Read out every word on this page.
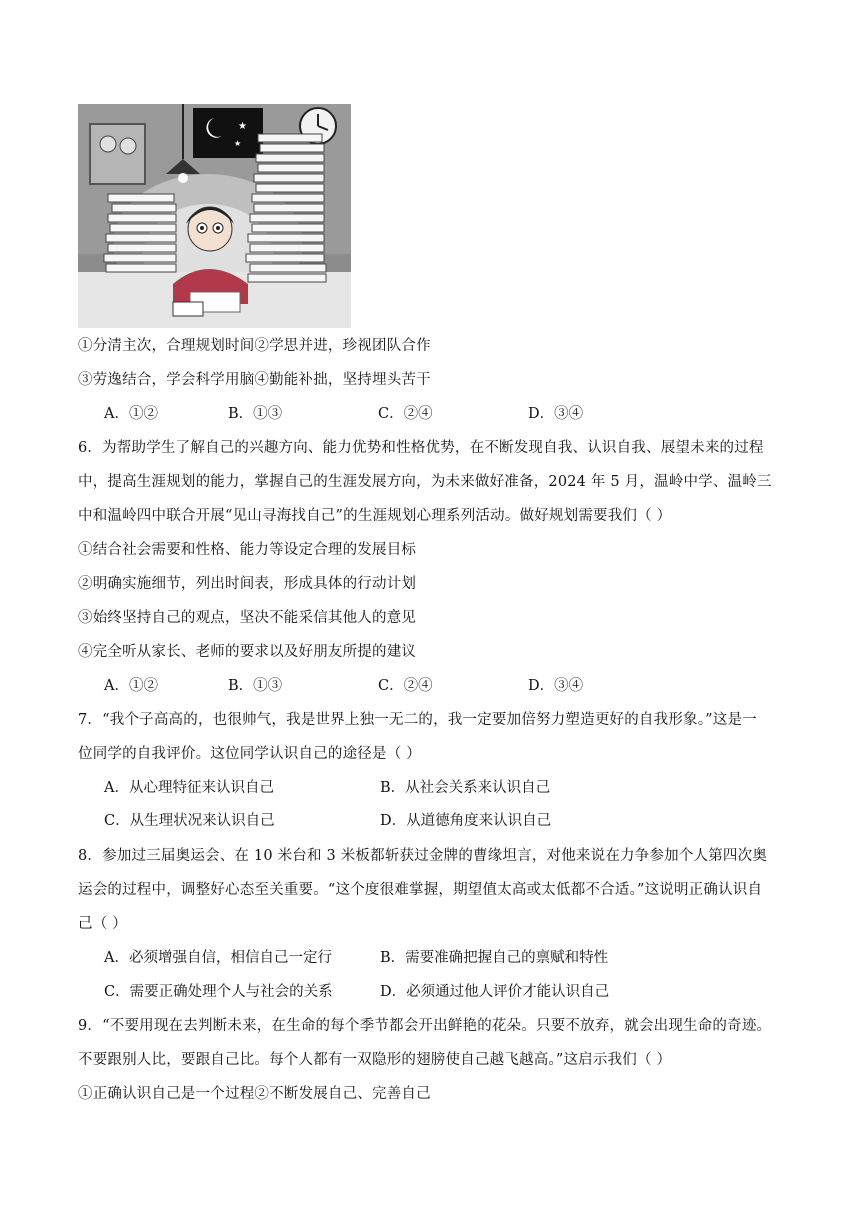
★
★
①分清主次，合理规划时间②学思并进，珍视团队合作
③劳逸结合，学会科学用脑④勤能补拙，坚持埋头苦干
A．①②	B．①③	C．②④	D．③④
6．为帮助学生了解自己的兴趣方向、能力优势和性格优势，在不断发现自我、认识自我、展望未来的过程
中，提高生涯规划的能力，掌握自己的生涯发展方向，为未来做好准备，2024 年 5 月，温岭中学、温岭三
中和温岭四中联合开展“见山寻海找自己”的生涯规划心理系列活动。做好规划需要我们（ ）
①结合社会需要和性格、能力等设定合理的发展目标
②明确实施细节，列出时间表，形成具体的行动计划
③始终坚持自己的观点，坚决不能采信其他人的意见
④完全听从家长、老师的要求以及好朋友所提的建议
A．①②	B．①③	C．②④	D．③④
7．“我个子高高的，也很帅气，我是世界上独一无二的，我一定要加倍努力塑造更好的自我形象。”这是一
位同学的自我评价。这位同学认识自己的途径是（ ）
A．从心理特征来认识自己	B．从社会关系来认识自己
C．从生理状况来认识自己	D．从道德角度来认识自己
8．参加过三届奥运会、在 10 米台和 3 米板都斩获过金牌的曹缘坦言，对他来说在力争参加个人第四次奥
运会的过程中，调整好心态至关重要。“这个度很难掌握，期望值太高或太低都不合适。”这说明正确认识自
己（ ）
A．必须增强自信，相信自己一定行	B．需要准确把握自己的禀赋和特性
C．需要正确处理个人与社会的关系	D．必须通过他人评价才能认识自己
9．“不要用现在去判断未来，在生命的每个季节都会开出鲜艳的花朵。只要不放弃，就会出现生命的奇迹。
不要跟别人比，要跟自己比。每个人都有一双隐形的翅膀使自己越飞越高。”这启示我们（ ）
①正确认识自己是一个过程②不断发展自己、完善自己
